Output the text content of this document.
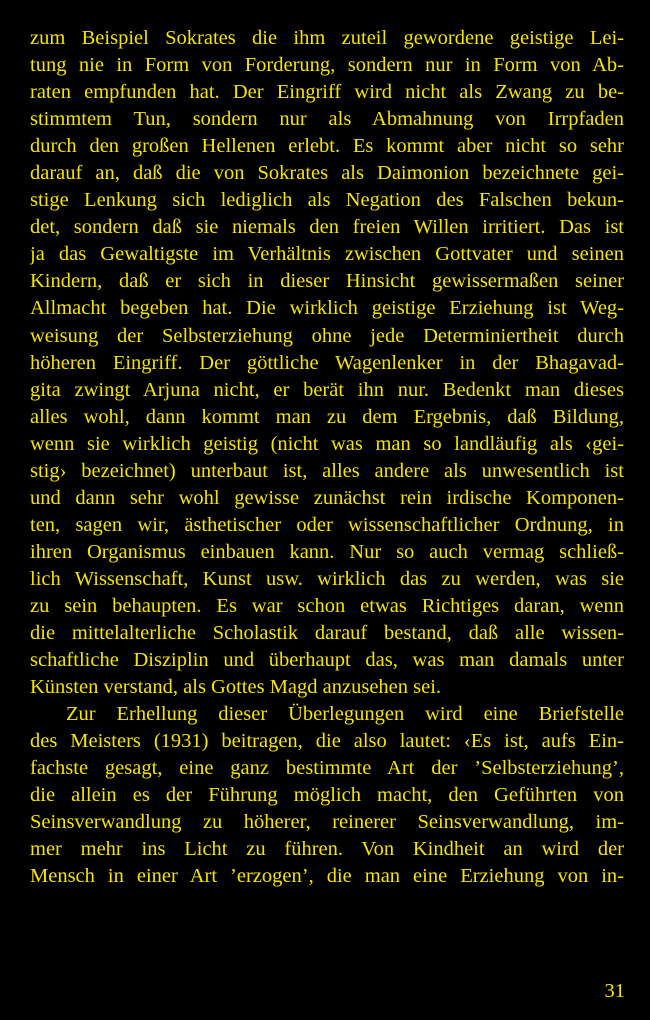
zum Beispiel Sokrates die ihm zuteil gewordene geistige Lei-
tung nie in Form von Forderung, sondern nur in Form von Ab-
raten empfunden hat. Der Eingriff wird nicht als Zwang zu be-
stimmtem Tun, sondern nur als Abmahnung von Irrpfaden
durch den großen Hellenen erlebt. Es kommt aber nicht so sehr
darauf an, daß die von Sokrates als Daimonion bezeichnete gei-
stige Lenkung sich lediglich als Negation des Falschen bekun-
det, sondern daß sie niemals den freien Willen irritiert. Das ist
ja das Gewaltigste im Verhältnis zwischen Gottvater und seinen
Kindern, daß er sich in dieser Hinsicht gewissermaßen seiner
Allmacht begeben hat. Die wirklich geistige Erziehung ist Weg-
weisung der Selbsterziehung ohne jede Determiniertheit durch
höheren Eingriff. Der göttliche Wagenlenker in der Bhagavad-
gita zwingt Arjuna nicht, er berät ihn nur. Bedenkt man dieses
alles wohl, dann kommt man zu dem Ergebnis, daß Bildung,
wenn sie wirklich geistig (nicht was man so landläufig als ‹gei-
stig› bezeichnet) unterbaut ist, alles andere als unwesentlich ist
und dann sehr wohl gewisse zunächst rein irdische Komponen-
ten, sagen wir, ästhetischer oder wissenschaftlicher Ordnung, in
ihren Organismus einbauen kann. Nur so auch vermag schließ-
lich Wissenschaft, Kunst usw. wirklich das zu werden, was sie
zu sein behaupten. Es war schon etwas Richtiges daran, wenn
die mittelalterliche Scholastik darauf bestand, daß alle wissen-
schaftliche Disziplin und überhaupt das, was man damals unter
Künsten verstand, als Gottes Magd anzusehen sei.
Zur Erhellung dieser Überlegungen wird eine Briefstelle
des Meisters (1931) beitragen, die also lautet: ‹Es ist, aufs Ein-
fachste gesagt, eine ganz bestimmte Art der ’Selbsterziehung’,
die allein es der Führung möglich macht, den Geführten von
Seinsverwandlung zu höherer, reinerer Seinsverwandlung, im-
mer mehr ins Licht zu führen. Von Kindheit an wird der
Mensch in einer Art ’erzogen’, die man eine Erziehung von in-
31
